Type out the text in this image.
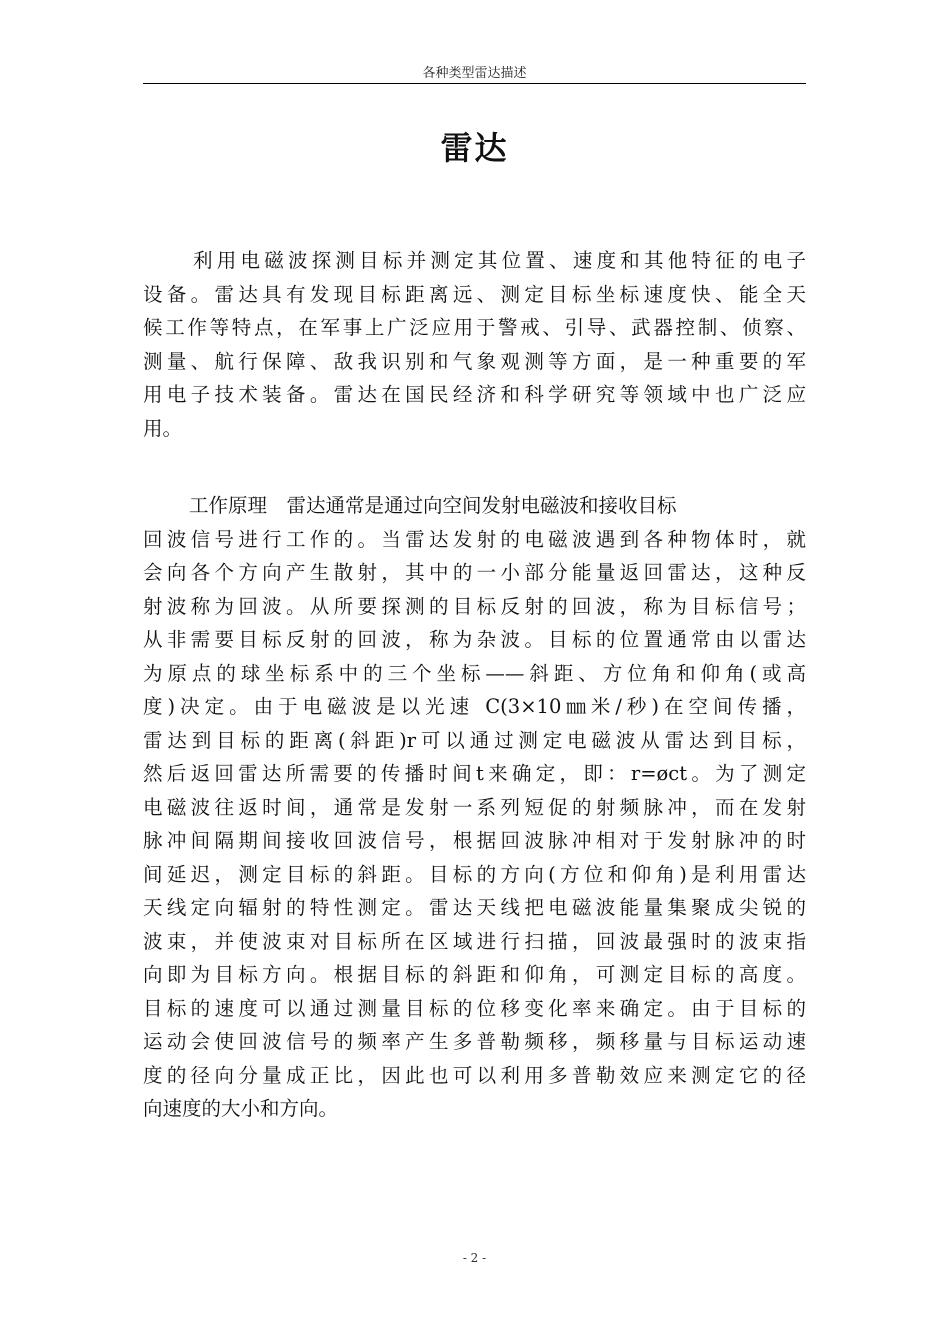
各种类型雷达描述
雷达
利用电磁波探测目标并测定其位置、速度和其他特征的电子
设备。雷达具有发现目标距离远、测定目标坐标速度快、能全天
候工作等特点，在军事上广泛应用于警戒、引导、武器控制、侦察、
测量、航行保障、敌我识别和气象观测等方面，是一种重要的军
用电子技术装备。雷达在国民经济和科学研究等领域中也广泛应
用。
工作原理　雷达通常是通过向空间发射电磁波和接收目标
回波信号进行工作的。当雷达发射的电磁波遇到各种物体时，就
会向各个方向产生散射，其中的一小部分能量返回雷达，这种反
射波称为回波。从所要探测的目标反射的回波，称为目标信号；
从非需要目标反射的回波，称为杂波。目标的位置通常由以雷达
为原点的球坐标系中的三个坐标——斜距、方位角和仰角(或高
度)决定。由于电磁波是以光速 C(3×10㎜米/秒)在空间传播，
雷达到目标的距离(斜距)r可以通过测定电磁波从雷达到目标，
然后返回雷达所需要的传播时间t来确定，即：r=øct。为了测定
电磁波往返时间，通常是发射一系列短促的射频脉冲，而在发射
脉冲间隔期间接收回波信号，根据回波脉冲相对于发射脉冲的时
间延迟，测定目标的斜距。目标的方向(方位和仰角)是利用雷达
天线定向辐射的特性测定。雷达天线把电磁波能量集聚成尖锐的
波束，并使波束对目标所在区域进行扫描，回波最强时的波束指
向即为目标方向。根据目标的斜距和仰角，可测定目标的高度。
目标的速度可以通过测量目标的位移变化率来确定。由于目标的
运动会使回波信号的频率产生多普勒频移，频移量与目标运动速
度的径向分量成正比，因此也可以利用多普勒效应来测定它的径
向速度的大小和方向。
- 2 -
